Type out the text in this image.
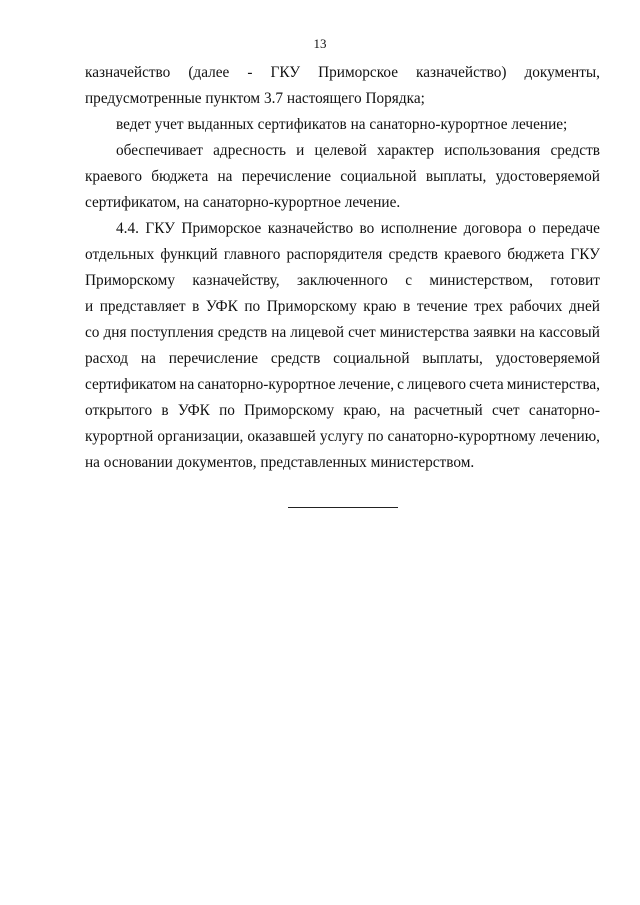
13
казначейство (далее - ГКУ Приморское казначейство) документы,
предусмотренные пунктом 3.7 настоящего Порядка;
ведет учет выданных сертификатов на санаторно-курортное лечение;
обеспечивает адресность и целевой характер использования средств
краевого бюджета на перечисление социальной выплаты, удостоверяемой
сертификатом, на санаторно-курортное лечение.
4.4. ГКУ Приморское казначейство во исполнение договора о передаче
отдельных функций главного распорядителя средств краевого бюджета ГКУ
Приморскому казначейству, заключенного с министерством, готовит
и представляет в УФК по Приморскому краю в течение трех рабочих дней
со дня поступления средств на лицевой счет министерства заявки на кассовый
расход на перечисление средств социальной выплаты, удостоверяемой
сертификатом на санаторно-курортное лечение, с лицевого счета министерства,
открытого в УФК по Приморскому краю, на расчетный счет санаторно-
курортной организации, оказавшей услугу по санаторно-курортному лечению,
на основании документов, представленных министерством.
